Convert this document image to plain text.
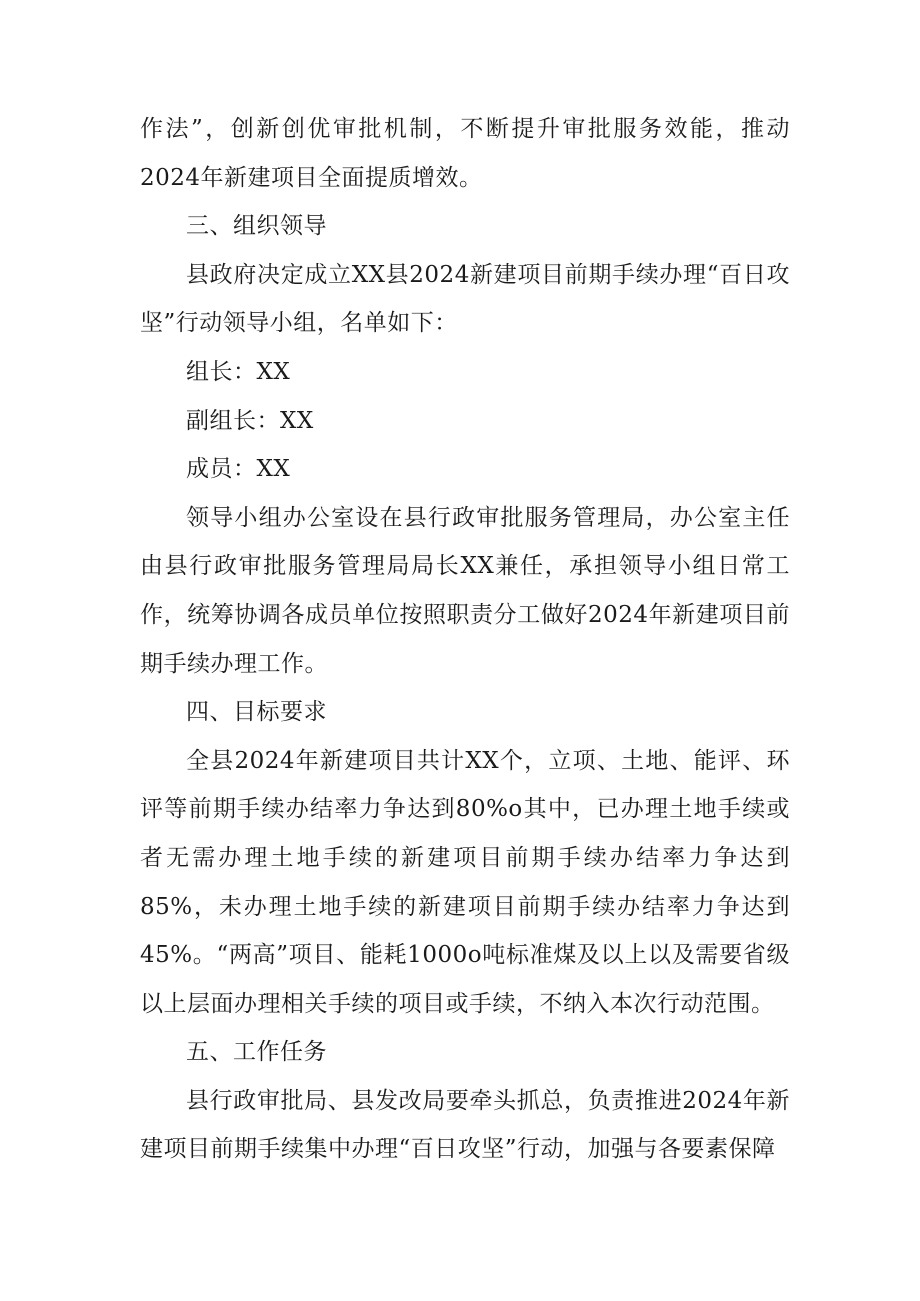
作法”，创新创优审批机制，不断提升审批服务效能，推动2024年新建项目全面提质增效。

三、组织领导

县政府决定成立XX县2024新建项目前期手续办理“百日攻坚”行动领导小组，名单如下：

组长：XX

副组长：XX

成员：XX

领导小组办公室设在县行政审批服务管理局，办公室主任由县行政审批服务管理局局长XX兼任，承担领导小组日常工作，统筹协调各成员单位按照职责分工做好2024年新建项目前期手续办理工作。

四、目标要求

全县2024年新建项目共计XX个，立项、土地、能评、环评等前期手续办结率力争达到80%o其中，已办理土地手续或者无需办理土地手续的新建项目前期手续办结率力争达到85%，未办理土地手续的新建项目前期手续办结率力争达到45%。“两高”项目、能耗1000o吨标准煤及以上以及需要省级以上层面办理相关手续的项目或手续，不纳入本次行动范围。

五、工作任务

县行政审批局、县发改局要牵头抓总，负责推进2024年新建项目前期手续集中办理“百日攻坚”行动，加强与各要素保障
